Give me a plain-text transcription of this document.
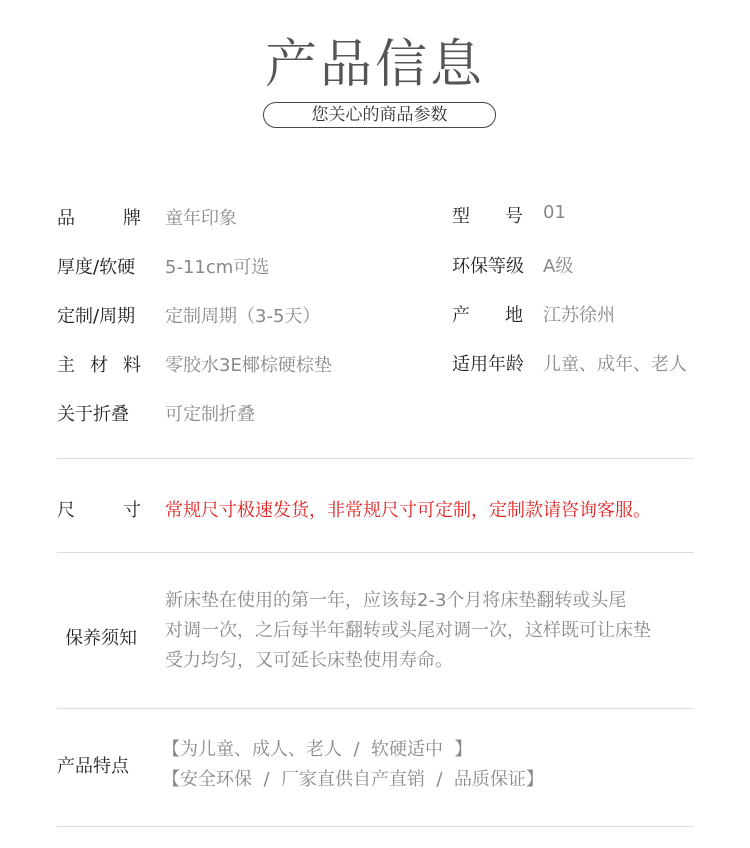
产品信息
您关心的商品参数
品牌 童年印象	型号 01
厚度/软硬 5-11cm可选	环保等级 A级
定制/周期 定制周期（3-5天）	产地 江苏徐州
主材料 零胶水3E椰棕硬棕垫	适用年龄 儿童、成年、老人
关于折叠 可定制折叠
尺寸 常规尺寸极速发货，非常规尺寸可定制，定制款请咨询客服。
保养须知
新床垫在使用的第一年，应该每2-3个月将床垫翻转或头尾
对调一次，之后每半年翻转或头尾对调一次，这样既可让床垫
受力均匀，又可延长床垫使用寿命。
产品特点
【为儿童、成人、老人  /  软硬适中  】
【安全环保  /  厂家直供自产直销  /  品质保证】
